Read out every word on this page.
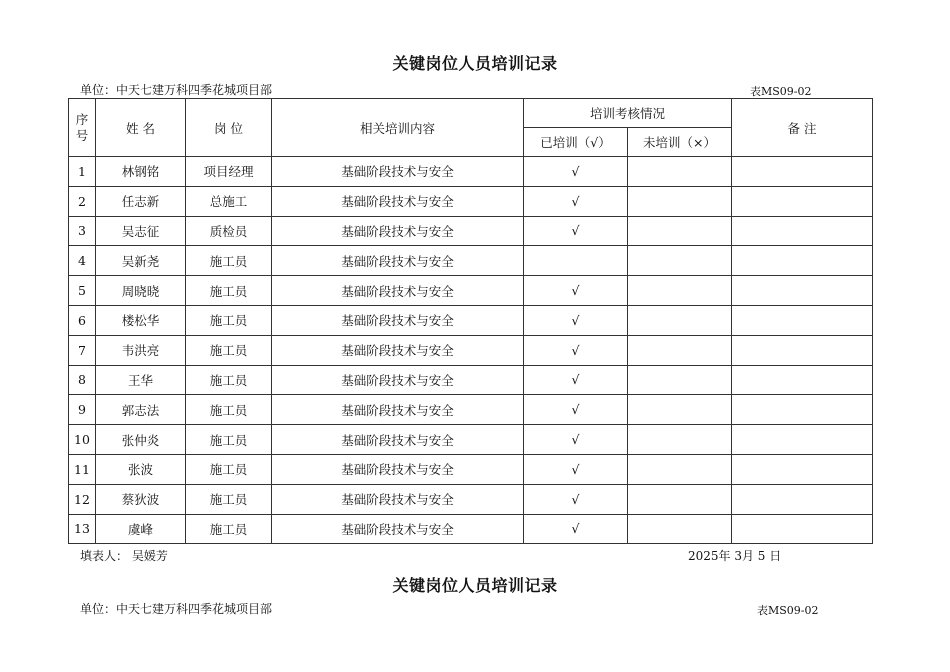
关键岗位人员培训记录
单位：中天七建万科四季花城项目部	表MS09-02
序号	姓 名	岗 位	相关培训内容	培训考核情况		备 注
				已培训（√）	未培训（×）	
1	林钢铭	项目经理	基础阶段技术与安全	√		
2	任志新	总施工	基础阶段技术与安全	√		
3	吴志征	质检员	基础阶段技术与安全	√		
4	吴新尧	施工员	基础阶段技术与安全			
5	周晓晓	施工员	基础阶段技术与安全	√		
6	楼松华	施工员	基础阶段技术与安全	√		
7	韦洪亮	施工员	基础阶段技术与安全	√		
8	王华	施工员	基础阶段技术与安全	√		
9	郭志法	施工员	基础阶段技术与安全	√		
10	张仲炎	施工员	基础阶段技术与安全	√		
11	张波	施工员	基础阶段技术与安全	√		
12	蔡狄波	施工员	基础阶段技术与安全	√		
13	虞峰	施工员	基础阶段技术与安全	√		
填表人： 吴媛芳	2025年 3月 5 日
关键岗位人员培训记录
单位：中天七建万科四季花城项目部	表MS09-02
